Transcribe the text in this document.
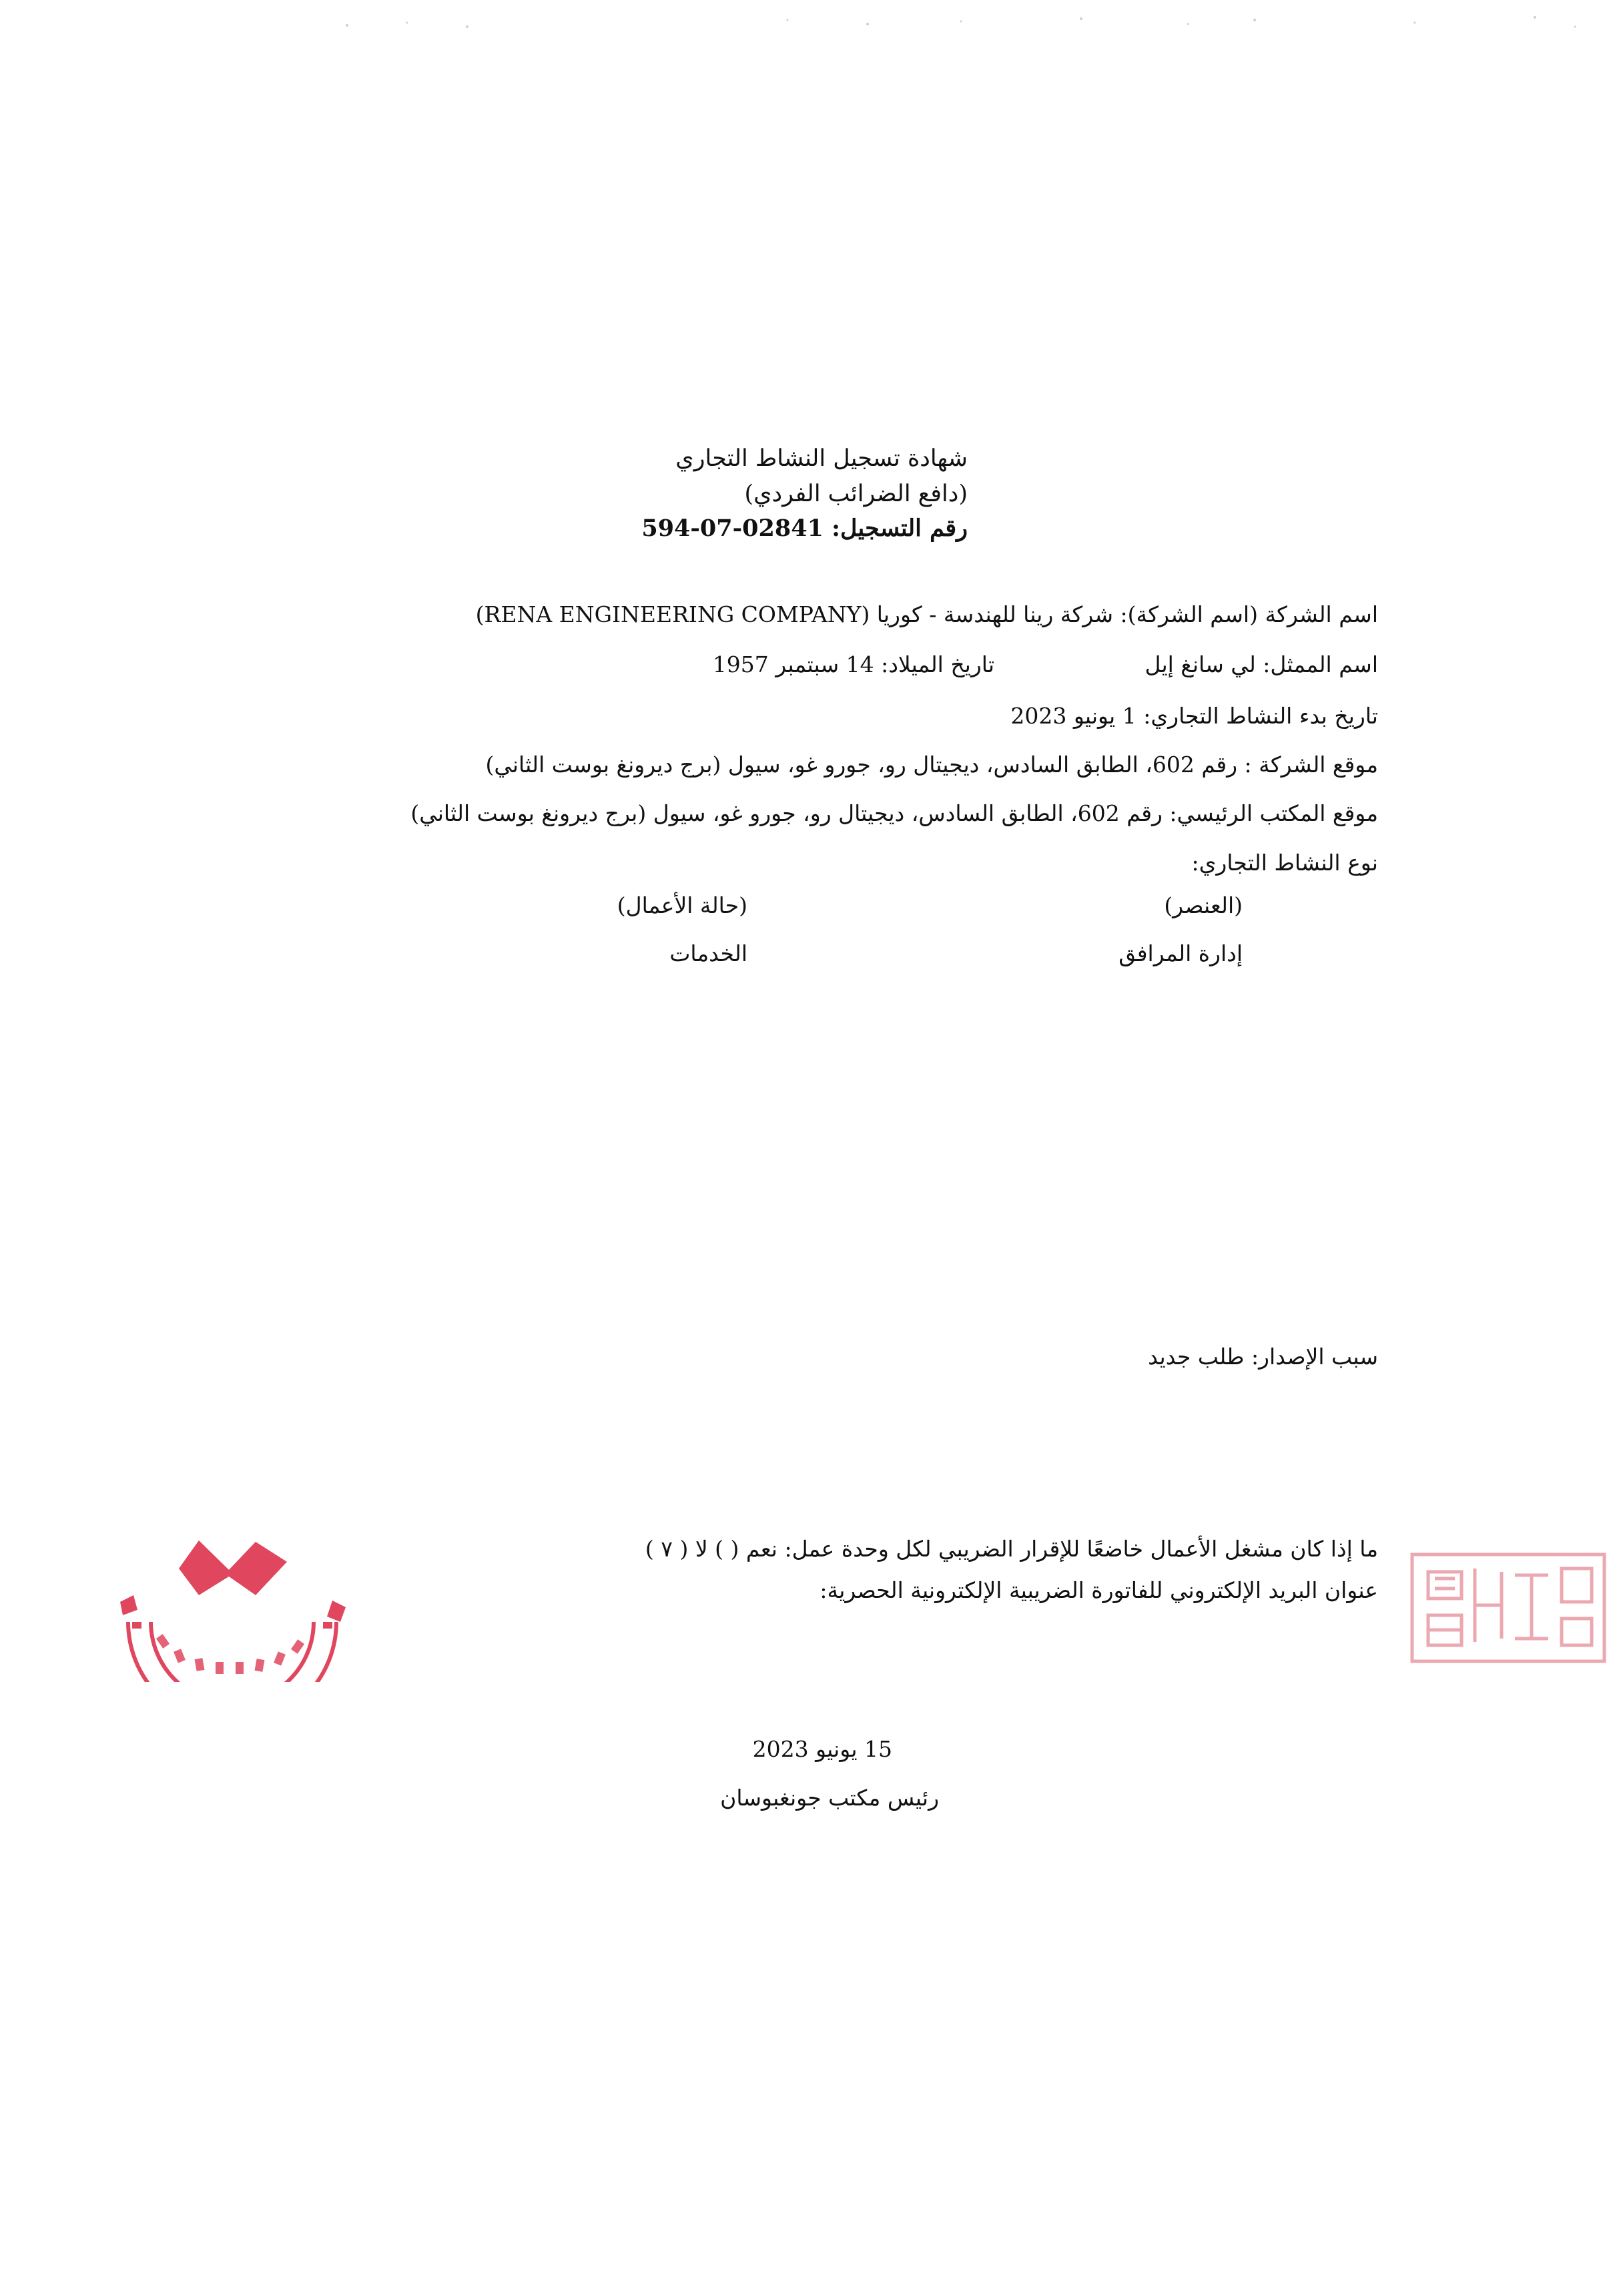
شهادة تسجيل النشاط التجاري
(دافع الضرائب الفردي)
رقم التسجيل: 594-07-02841
اسم الشركة (اسم الشركة): شركة رينا للهندسة - كوريا (RENA ENGINEERING COMPANY)
اسم الممثل: لي سانغ إيل
تاريخ الميلاد: 14 سبتمبر 1957
تاريخ بدء النشاط التجاري: 1 يونيو 2023
موقع الشركة : رقم 602، الطابق السادس، ديجيتال رو، جورو غو، سيول (برج ديرونغ بوست الثاني)
موقع المكتب الرئيسي: رقم 602، الطابق السادس، ديجيتال رو، جورو غو، سيول (برج ديرونغ بوست الثاني)
نوع النشاط التجاري:
(العنصر)
(حالة الأعمال)
إدارة المرافق
الخدمات
سبب الإصدار: طلب جديد
ما إذا كان مشغل الأعمال خاضعًا للإقرار الضريبي لكل وحدة عمل: نعم ( ) لا ( ٧ )
عنوان البريد الإلكتروني للفاتورة الضريبية الإلكترونية الحصرية:
15 يونيو 2023
رئيس مكتب جونغبوسان
